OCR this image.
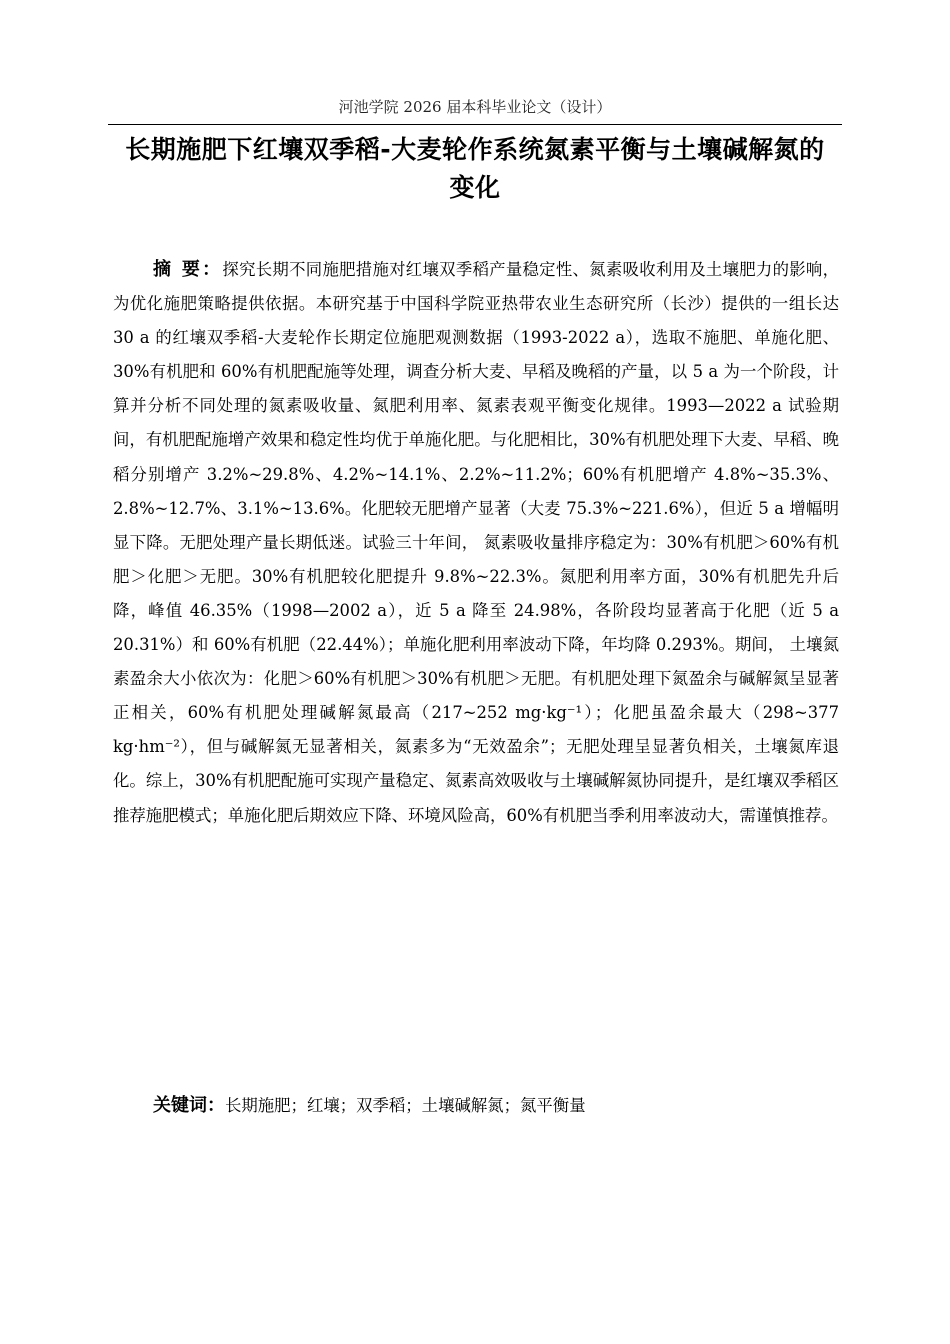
河池学院 2026 届本科毕业论文（设计）
长期施肥下红壤双季稻-大麦轮作系统氮素平衡与土壤碱解氮的
变化

摘 要：探究长期不同施肥措施对红壤双季稻产量稳定性、氮素吸收利用及土壤肥力的影响，为优化施肥策略提供依据。本研究基于中国科学院亚热带农业生态研究所（长沙）提供的一组长达 30 a 的红壤双季稻-大麦轮作长期定位施肥观测数据（1993-2022 a），选取不施肥、单施化肥、30%有机肥和 60%有机肥配施等处理，调查分析大麦、早稻及晚稻的产量，以 5 a 为一个阶段，计算并分析不同处理的氮素吸收量、氮肥利用率、氮素表观平衡变化规律。1993—2022 a 试验期间，有机肥配施增产效果和稳定性均优于单施化肥。与化肥相比，30%有机肥处理下大麦、早稻、晚稻分别增产 3.2%~29.8%、4.2%~14.1%、2.2%~11.2%；60%有机肥增产 4.8%~35.3%、2.8%~12.7%、3.1%~13.6%。化肥较无肥增产显著（大麦 75.3%~221.6%），但近 5 a 增幅明显下降。无肥处理产量长期低迷。试验三十年间， 氮素吸收量排序稳定为：30%有机肥＞60%有机肥＞化肥＞无肥。30%有机肥较化肥提升 9.8%~22.3%。氮肥利用率方面，30%有机肥先升后降，峰值 46.35%（1998—2002 a），近 5 a 降至 24.98%，各阶段均显著高于化肥（近 5 a 20.31%）和 60%有机肥（22.44%）；单施化肥利用率波动下降，年均降 0.293%。期间， 土壤氮素盈余大小依次为：化肥＞60%有机肥＞30%有机肥＞无肥。有机肥处理下氮盈余与碱解氮呈显著正相关，60%有机肥处理碱解氮最高（217~252 mg·kg⁻¹）；化肥虽盈余最大（298~377 kg·hm⁻²），但与碱解氮无显著相关，氮素多为“无效盈余”；无肥处理呈显著负相关，土壤氮库退化。综上，30%有机肥配施可实现产量稳定、氮素高效吸收与土壤碱解氮协同提升，是红壤双季稻区推荐施肥模式；单施化肥后期效应下降、环境风险高，60%有机肥当季利用率波动大，需谨慎推荐。

关键词：长期施肥；红壤；双季稻；土壤碱解氮；氮平衡量
